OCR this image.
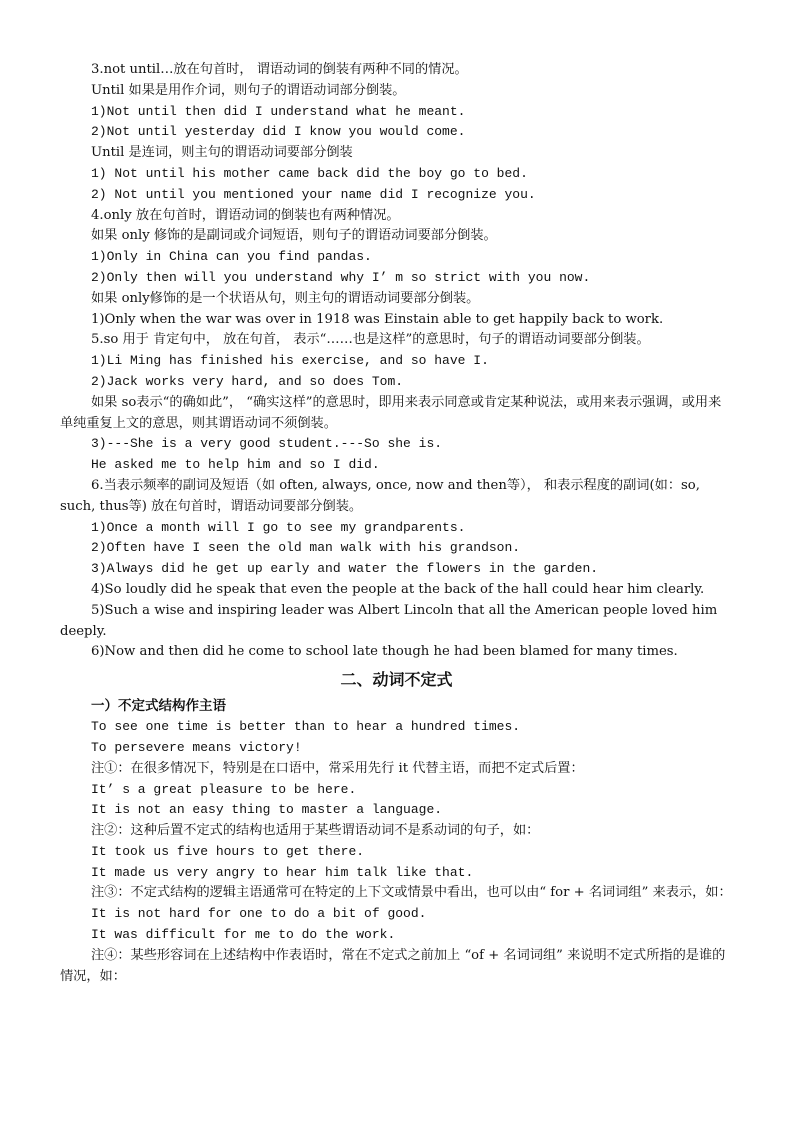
3.not until…放在句首时， 谓语动词的倒装有两种不同的情况。

Until 如果是用作介词，则句子的谓语动词部分倒装。

1)Not until then did I understand what he meant.

2)Not until yesterday did I know you would come.

Until 是连词，则主句的谓语动词要部分倒装

1) Not until his mother came back did the boy go to bed.

2) Not until you mentioned your name did I recognize you.

4.only 放在句首时，谓语动词的倒装也有两种情况。

如果 only 修饰的是副词或介词短语，则句子的谓语动词要部分倒装。

1)Only in China can you find pandas.

2)Only then will you understand why I’ m so strict with you now.

如果 only修饰的是一个状语从句，则主句的谓语动词要部分倒装。

1)Only when the war was over in 1918 was Einstain able to get happily back to work.

5.so 用于 肯定句中， 放在句首， 表示“……也是这样”的意思时，句子的谓语动词要部分倒装。

1)Li Ming has finished his exercise, and so have I.

2)Jack works very hard, and so does Tom.

如果 so表示“的确如此”， “确实这样”的意思时，即用来表示同意或肯定某种说法，或用来表示强调，或用来单纯重复上文的意思，则其谓语动词不须倒装。

3)---She is a very good student.---So she is.

He asked me to help him and so I did.

6.当表示频率的副词及短语（如 often, always, once, now and then等）， 和表示程度的副词(如：so, such, thus等) 放在句首时，谓语动词要部分倒装。

1)Once a month will I go to see my grandparents.

2)Often have I seen the old man walk with his grandson.

3)Always did he get up early and water the flowers in the garden.

4)So loudly did he speak that even the people at the back of the hall could hear him clearly.

5)Such a wise and inspiring leader was Albert Lincoln that all the American people loved him deeply.

6)Now and then did he come to school late though he had been blamed for many times.

二、动词不定式

一）不定式结构作主语

To see one time is better than to hear a hundred times.

To persevere means victory!

注①：在很多情况下，特别是在口语中，常采用先行 it 代替主语，而把不定式后置：

It’ s a great pleasure to be here.

It is not an easy thing to master a language.

注②：这种后置不定式的结构也适用于某些谓语动词不是系动词的句子，如：

It took us five hours to get there.

It made us very angry to hear him talk like that.

注③：不定式结构的逻辑主语通常可在特定的上下文或情景中看出，也可以由“ for + 名词词组” 来表示，如：

It is not hard for one to do a bit of good.

It was difficult for me to do the work.

注④：某些形容词在上述结构中作表语时，常在不定式之前加上 “of + 名词词组” 来说明不定式所指的是谁的情况，如：
